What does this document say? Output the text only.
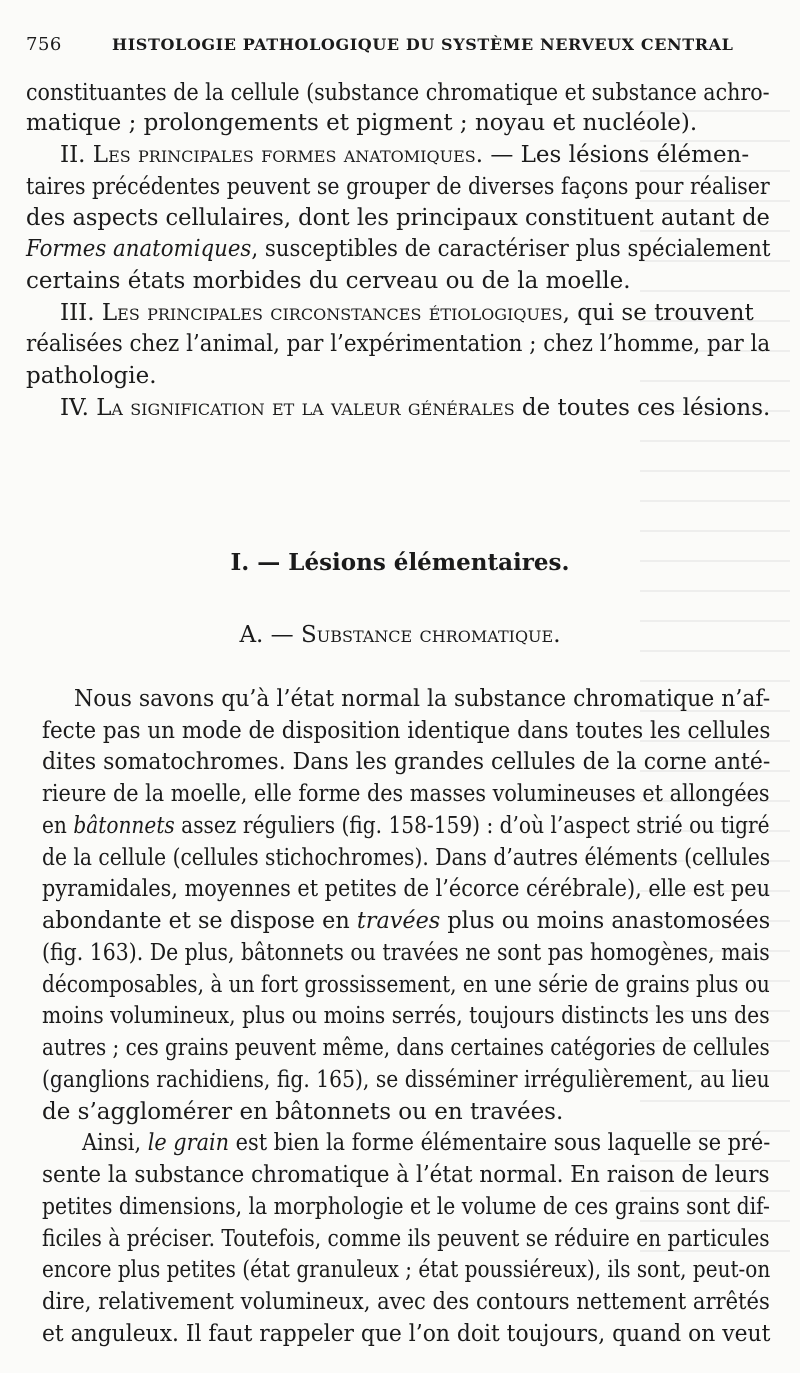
756	HISTOLOGIE PATHOLOGIQUE DU SYSTÈME NERVEUX CENTRAL
constituantes de la cellule (substance chromatique et substance achro-
matique ; prolongements et pigment ; noyau et nucléole).
II. Les principales formes anatomiques. — Les lésions élémen-
taires précédentes peuvent se grouper de diverses façons pour réaliser
des aspects cellulaires, dont les principaux constituent autant de
Formes anatomiques, susceptibles de caractériser plus spécialement
certains états morbides du cerveau ou de la moelle.
III. Les principales circonstances étiologiques, qui se trouvent
réalisées chez l’animal, par l’expérimentation ; chez l’homme, par la
pathologie.
IV. La signification et la valeur générales de toutes ces lésions.
I. — Lésions élémentaires.
A. — Substance chromatique.
Nous savons qu’à l’état normal la substance chromatique n’af-
fecte pas un mode de disposition identique dans toutes les cellules
dites somatochromes. Dans les grandes cellules de la corne anté-
rieure de la moelle, elle forme des masses volumineuses et allongées
en bâtonnets assez réguliers (fig. 158-159) : d’où l’aspect strié ou tigré
de la cellule (cellules stichochromes). Dans d’autres éléments (cellules
pyramidales, moyennes et petites de l’écorce cérébrale), elle est peu
abondante et se dispose en travées plus ou moins anastomosées
(fig. 163). De plus, bâtonnets ou travées ne sont pas homogènes, mais
décomposables, à un fort grossissement, en une série de grains plus ou
moins volumineux, plus ou moins serrés, toujours distincts les uns des
autres ; ces grains peuvent même, dans certaines catégories de cellules
(ganglions rachidiens, fig. 165), se disséminer irrégulièrement, au lieu
de s’agglomérer en bâtonnets ou en travées.
Ainsi, le grain est bien la forme élémentaire sous laquelle se pré-
sente la substance chromatique à l’état normal. En raison de leurs
petites dimensions, la morphologie et le volume de ces grains sont dif-
ficiles à préciser. Toutefois, comme ils peuvent se réduire en particules
encore plus petites (état granuleux ; état poussiéreux), ils sont, peut-on
dire, relativement volumineux, avec des contours nettement arrêtés
et anguleux. Il faut rappeler que l’on doit toujours, quand on veut
